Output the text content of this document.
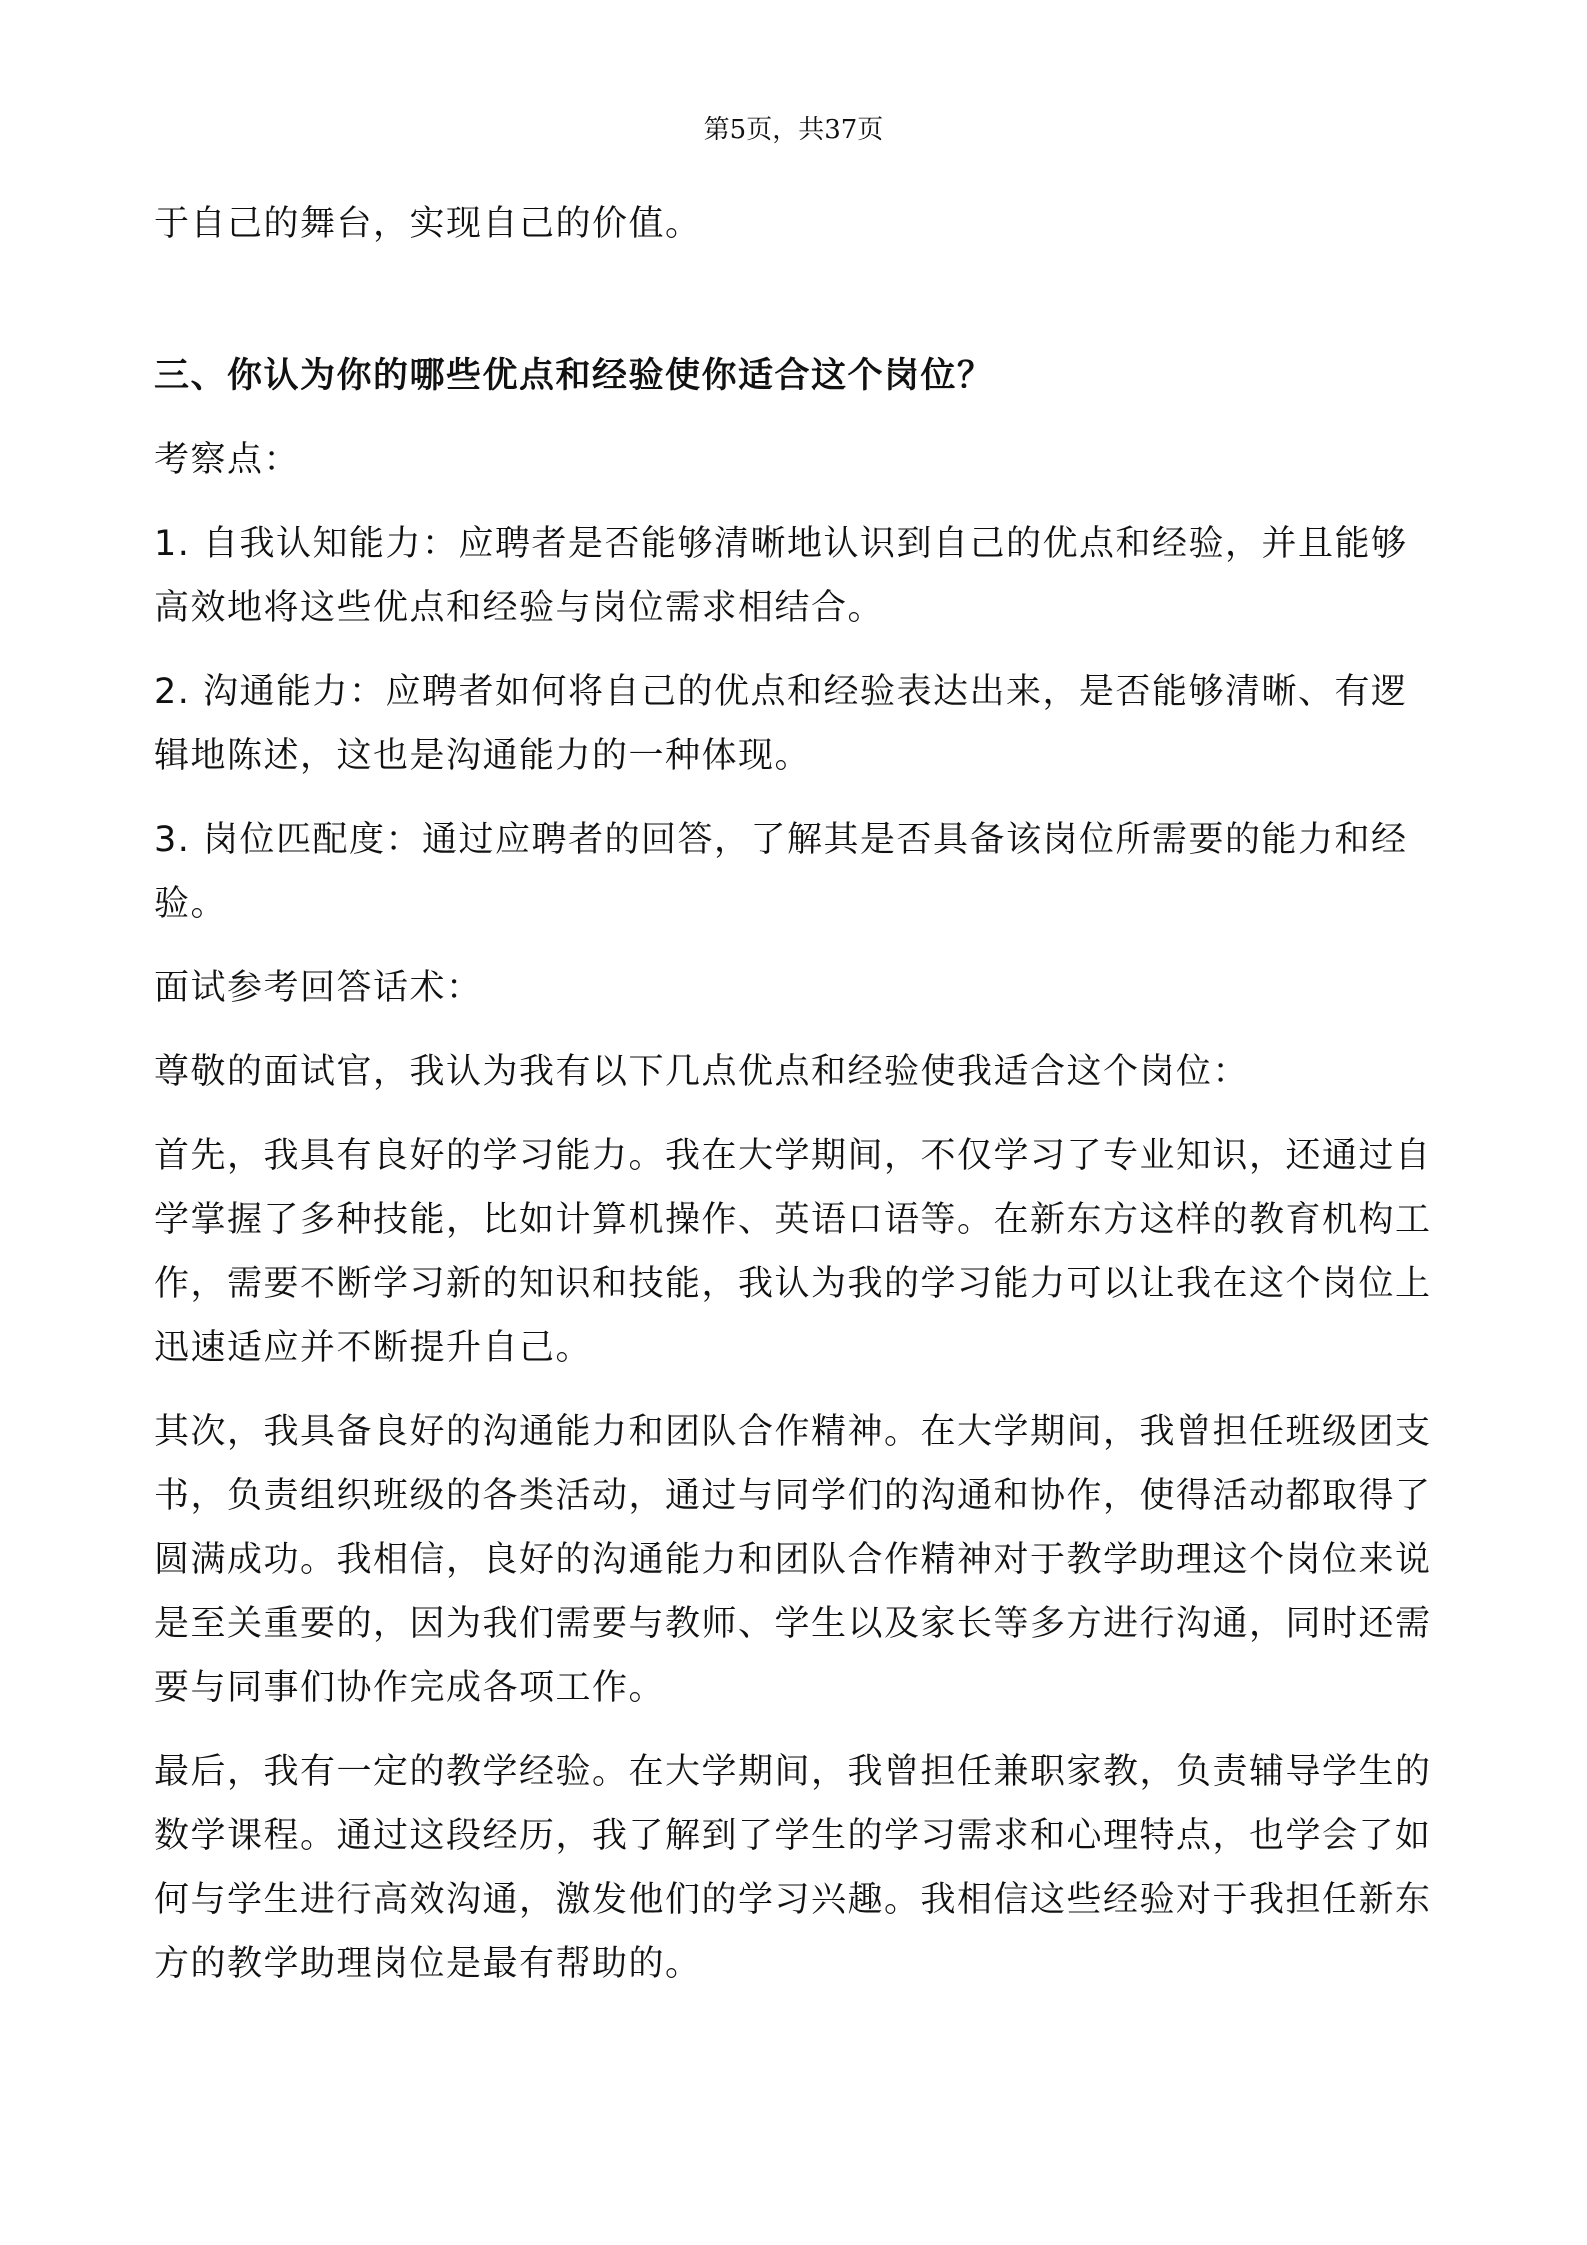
第5页，共37页

于自己的舞台，实现自己的价值。

三、你认为你的哪些优点和经验使你适合这个岗位？

考察点：

1. 自我认知能力：应聘者是否能够清晰地认识到自己的优点和经验，并且能够高效地将这些优点和经验与岗位需求相结合。

2. 沟通能力：应聘者如何将自己的优点和经验表达出来，是否能够清晰、有逻辑地陈述，这也是沟通能力的一种体现。

3. 岗位匹配度：通过应聘者的回答，了解其是否具备该岗位所需要的能力和经验。

面试参考回答话术：

尊敬的面试官，我认为我有以下几点优点和经验使我适合这个岗位：

首先，我具有良好的学习能力。我在大学期间，不仅学习了专业知识，还通过自学掌握了多种技能，比如计算机操作、英语口语等。在新东方这样的教育机构工作，需要不断学习新的知识和技能，我认为我的学习能力可以让我在这个岗位上迅速适应并不断提升自己。

其次，我具备良好的沟通能力和团队合作精神。在大学期间，我曾担任班级团支书，负责组织班级的各类活动，通过与同学们的沟通和协作，使得活动都取得了圆满成功。我相信，良好的沟通能力和团队合作精神对于教学助理这个岗位来说是至关重要的，因为我们需要与教师、学生以及家长等多方进行沟通，同时还需要与同事们协作完成各项工作。

最后，我有一定的教学经验。在大学期间，我曾担任兼职家教，负责辅导学生的数学课程。通过这段经历，我了解到了学生的学习需求和心理特点，也学会了如何与学生进行高效沟通，激发他们的学习兴趣。我相信这些经验对于我担任新东方的教学助理岗位是最有帮助的。
